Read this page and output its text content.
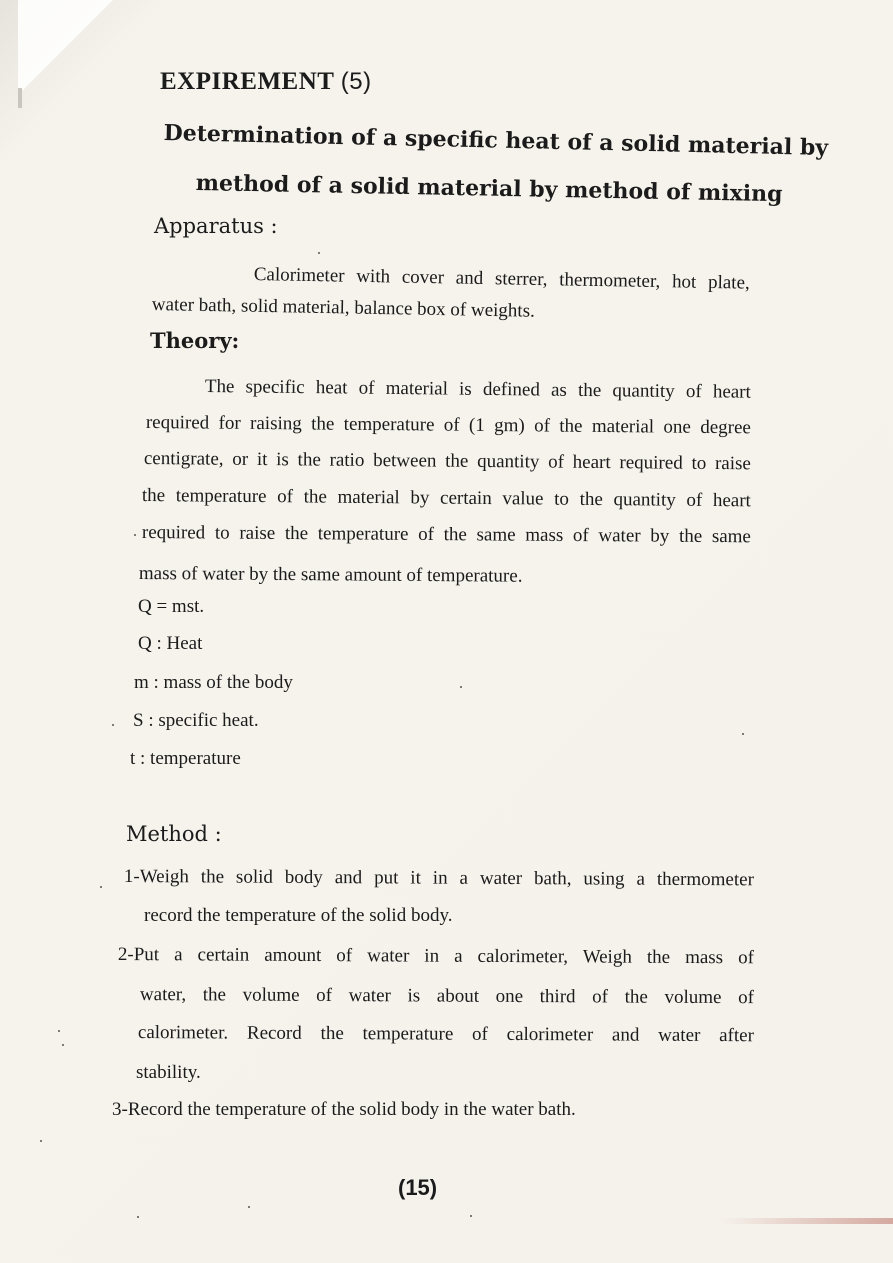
EXPIREMENT (5)
Determination of a specific heat of a solid material by
method of a solid material by method of mixing
Apparatus :
Calorimeter with cover and sterrer, thermometer, hot plate,
water bath, solid material, balance box of weights.
Theory:
The specific heat of material is defined as the quantity of heart
required for raising the temperature of (1 gm) of the material one degree
centigrate, or it is the ratio between the quantity of heart required to raise
the temperature of the material by certain value to the quantity of heart
required to raise the temperature of the same mass of water by the same
mass of water by the same amount of temperature.
Q = mst.
Q : Heat
m : mass of the body
S : specific heat.
t : temperature
Method :
1-Weigh the solid body and put it in a water bath, using a thermometer
record the temperature of the solid body.
2-Put a certain amount of water in a calorimeter, Weigh the mass of
water, the volume of water is about one third of the volume of
calorimeter. Record the temperature of calorimeter and water after
stability.
3-Record the temperature of the solid body in the water bath.
(15)
